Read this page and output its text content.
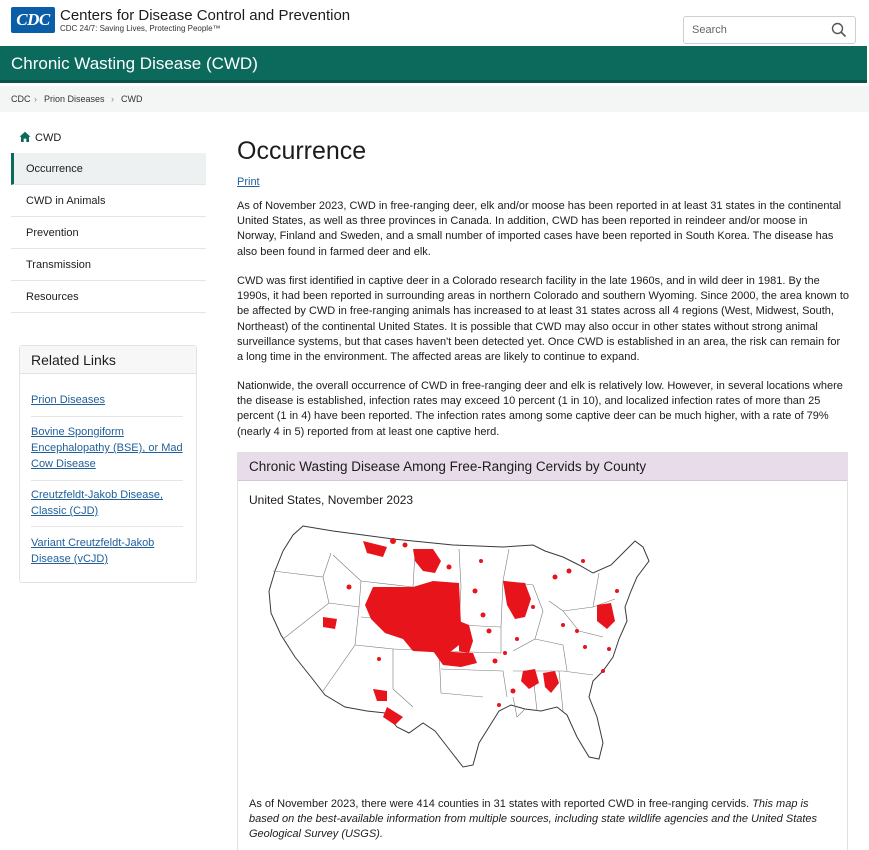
CDC Centers for Disease Control and Prevention
CDC 24/7: Saving Lives, Protecting People™
Search
Chronic Wasting Disease (CWD)
CDC › Prion Diseases › CWD
CWD
Occurrence
CWD in Animals
Prevention
Transmission
Resources
Related Links
Prion Diseases
Bovine Spongiform Encephalopathy (BSE), or Mad Cow Disease
Creutzfeldt-Jakob Disease, Classic (CJD)
Variant Creutzfeldt-Jakob Disease (vCJD)
Occurrence
Print

As of November 2023, CWD in free-ranging deer, elk and/or moose has been reported in at least 31 states in the continental United States, as well as three provinces in Canada. In addition, CWD has been reported in reindeer and/or moose in Norway, Finland and Sweden, and a small number of imported cases have been reported in South Korea. The disease has also been found in farmed deer and elk.

CWD was first identified in captive deer in a Colorado research facility in the late 1960s, and in wild deer in 1981. By the 1990s, it had been reported in surrounding areas in northern Colorado and southern Wyoming. Since 2000, the area known to be affected by CWD in free-ranging animals has increased to at least 31 states across all 4 regions (West, Midwest, South, Northeast) of the continental United States. It is possible that CWD may also occur in other states without strong animal surveillance systems, but that cases haven't been detected yet. Once CWD is established in an area, the risk can remain for a long time in the environment. The affected areas are likely to continue to expand.

Nationwide, the overall occurrence of CWD in free-ranging deer and elk is relatively low. However, in several locations where the disease is established, infection rates may exceed 10 percent (1 in 10), and localized infection rates of more than 25 percent (1 in 4) have been reported. The infection rates among some captive deer can be much higher, with a rate of 79% (nearly 4 in 5) reported from at least one captive herd.

Chronic Wasting Disease Among Free-Ranging Cervids by County
United States, November 2023

As of November 2023, there were 414 counties in 31 states with reported CWD in free-ranging cervids. This map is based on the best-available information from multiple sources, including state wildlife agencies and the United States Geological Survey (USGS).
